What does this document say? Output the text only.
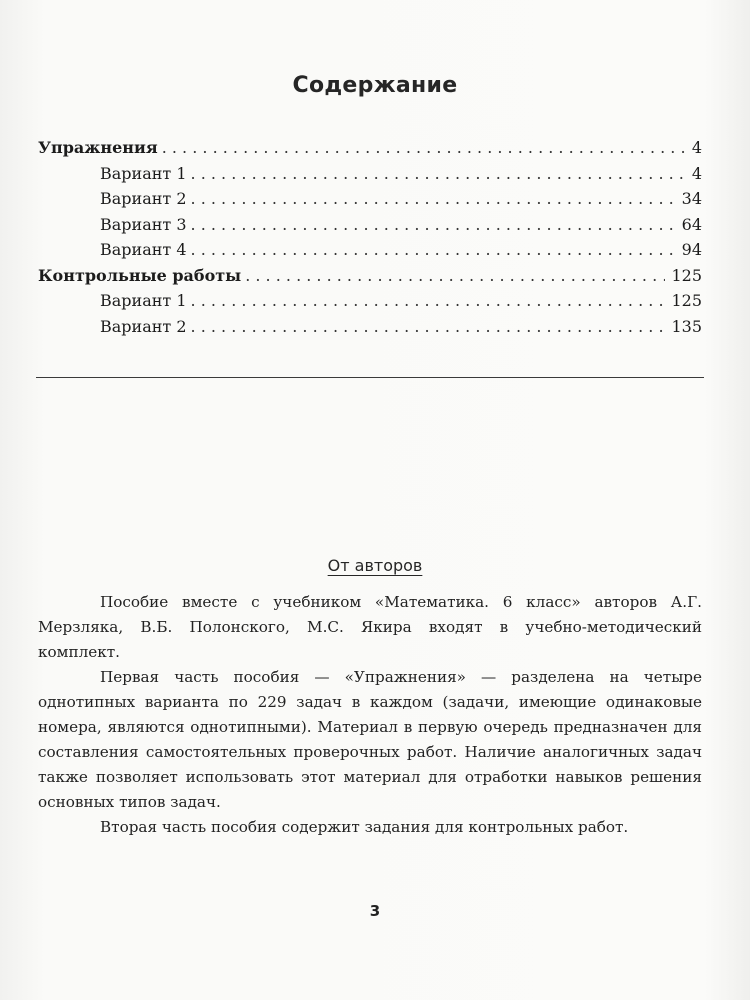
Содержание
Упражнения . . .	4
Вариант 1 . . .	4
Вариант 2 . . .	34
Вариант 3 . . .	64
Вариант 4 . . .	94
Контрольные работы . . .	125
Вариант 1 . . .	125
Вариант 2 . . .	135
От авторов

Пособие вместе с учебником «Математика. 6 класс» авторов А.Г. Мерзляка, В.Б. Полонского, М.С. Якира входят в учебно-методический комплект.

Первая часть пособия — «Упражнения» — разделена на четыре однотипных варианта по 229 задач в каждом (задачи, имеющие одинаковые номера, являются однотипными). Материал в первую очередь предназначен для составления самостоятельных проверочных работ. Наличие аналогичных задач также позволяет использовать этот материал для отработки навыков решения основных типов задач.

Вторая часть пособия содержит задания для контрольных работ.

3
